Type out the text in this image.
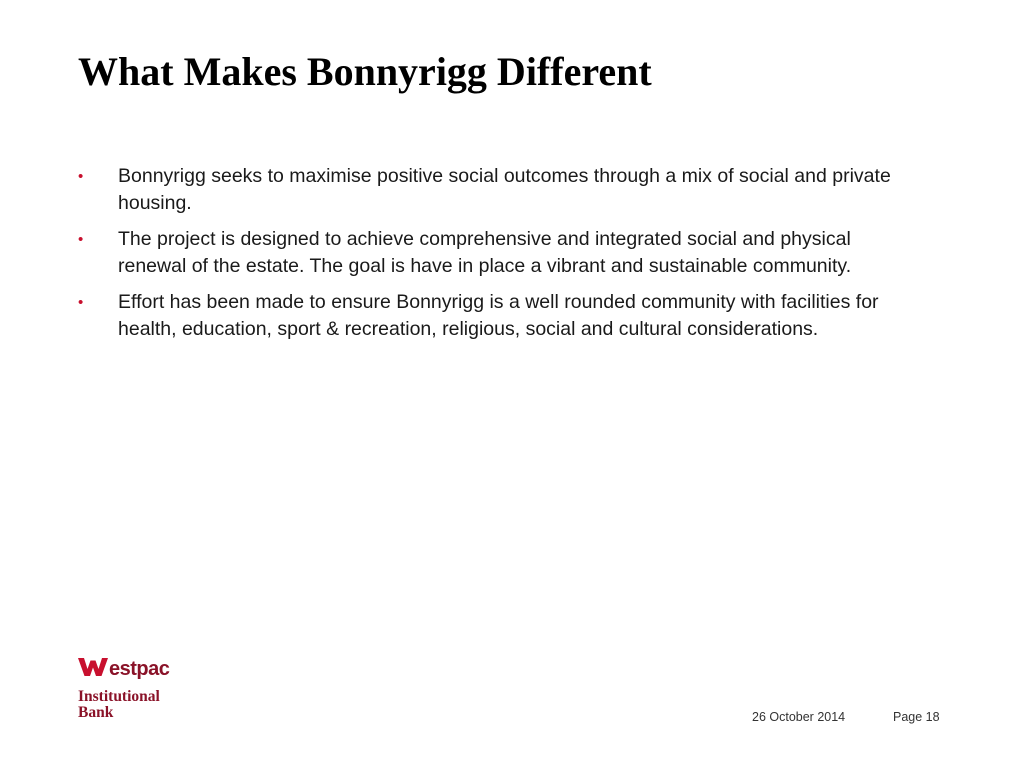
What Makes Bonnyrigg Different
•	Bonnyrigg seeks to maximise positive social outcomes through a mix of social and private housing.
•	The project is designed to achieve comprehensive and integrated social and physical renewal of the estate. The goal is have in place a vibrant and sustainable community.
•	Effort has been made to ensure Bonnyrigg is a well rounded community with facilities for health, education, sport & recreation, religious, social and cultural considerations.
estpac
Institutional
Bank	26 October 2014	Page 18
